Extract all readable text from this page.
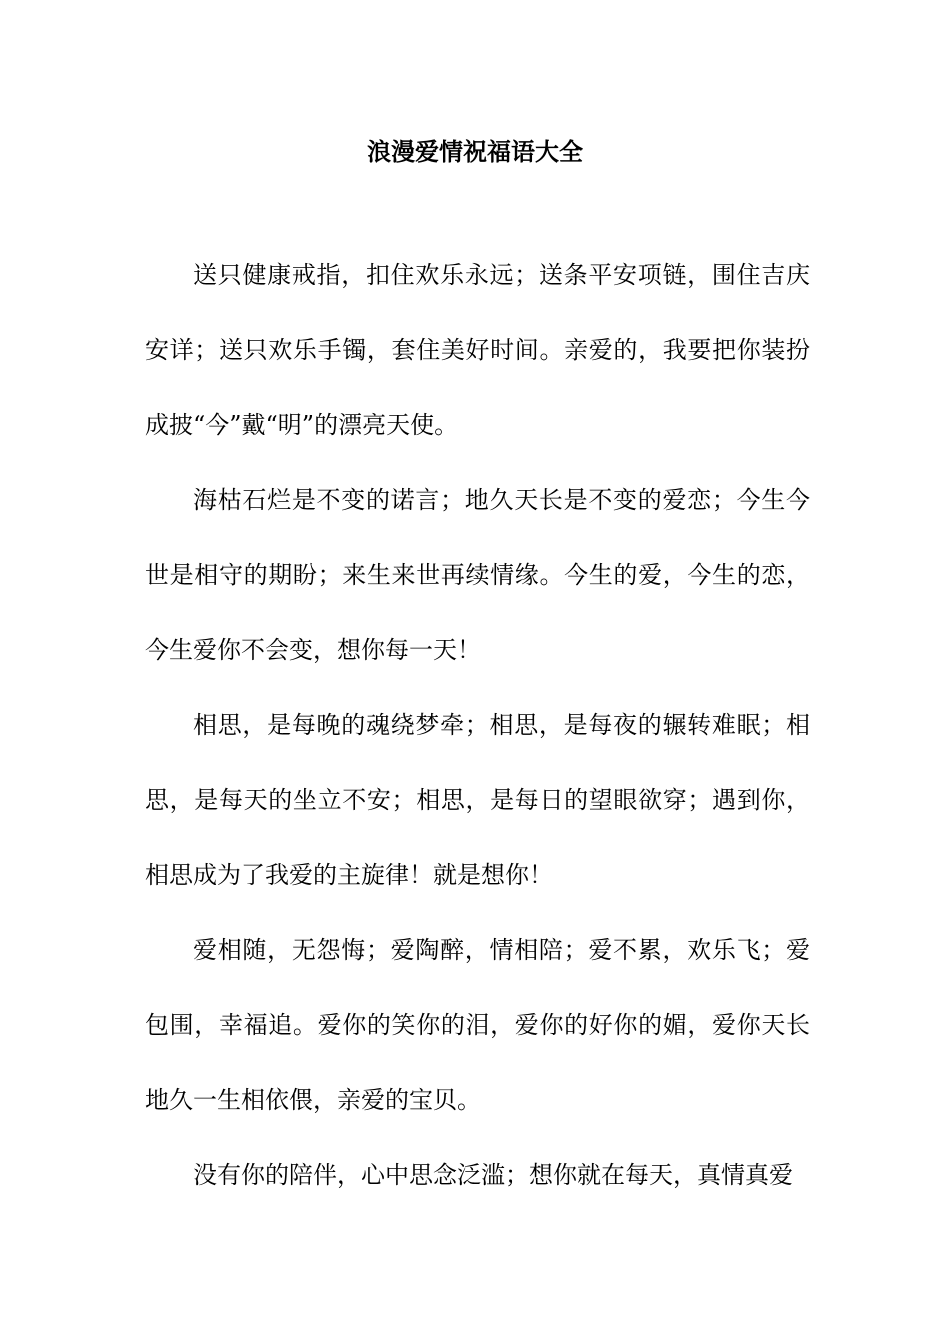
浪漫爱情祝福语大全

送只健康戒指，扣住欢乐永远；送条平安项链，围住吉庆安详；送只欢乐手镯，套住美好时间。亲爱的，我要把你装扮成披“今”戴“明”的漂亮天使。

海枯石烂是不变的诺言；地久天长是不变的爱恋；今生今世是相守的期盼；来生来世再续情缘。今生的爱，今生的恋，今生爱你不会变，想你每一天！

相思，是每晚的魂绕梦牵；相思，是每夜的辗转难眠；相思，是每天的坐立不安；相思，是每日的望眼欲穿；遇到你，相思成为了我爱的主旋律！就是想你！

爱相随，无怨悔；爱陶醉，情相陪；爱不累，欢乐飞；爱包围，幸福追。爱你的笑你的泪，爱你的好你的媚，爱你天长地久一生相依偎，亲爱的宝贝。

没有你的陪伴，心中思念泛滥；想你就在每天，真情真爱
